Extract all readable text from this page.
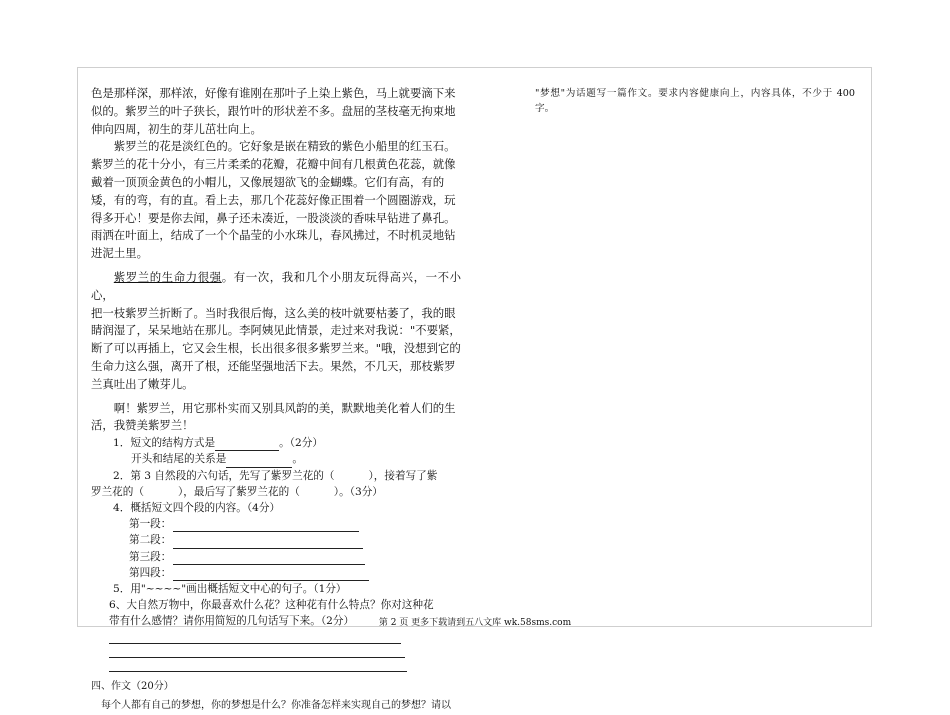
色是那样深，那样浓，好像有谁刚在那叶子上染上紫色，马上就要滴下来

似的。紫罗兰的叶子狭长，跟竹叶的形状差不多。盘屈的茎枝毫无拘束地

伸向四周，初生的芽儿茁壮向上。

紫罗兰的花是淡红色的。它好象是嵌在精致的紫色小船里的红玉石。

紫罗兰的花十分小，有三片柔柔的花瓣，花瓣中间有几根黄色花蕊，就像

戴着一顶顶金黄色的小帽儿，又像展翅欲飞的金蝴蝶。它们有高，有的

矮，有的弯，有的直。看上去，那几个花蕊好像正围着一个圆圈游戏，玩

得多开心！要是你去闻，鼻子还未凑近，一股淡淡的香味早钻进了鼻孔。

雨洒在叶面上，结成了一个个晶莹的小水珠儿，春风拂过，不时机灵地钻

进泥土里。

紫罗兰的生命力很强。有一次，我和几个小朋友玩得高兴，一不小心，

把一枝紫罗兰折断了。当时我很后悔，这么美的枝叶就要枯萎了，我的眼

睛润湿了，呆呆地站在那儿。李阿姨见此情景，走过来对我说："不要紧，

断了可以再插上，它又会生根，长出很多很多紫罗兰来。"哦，没想到它的

生命力这么强，离开了根，还能坚强地活下去。果然，不几天，那枝紫罗

兰真吐出了嫩芽儿。

啊！紫罗兰，用它那朴实而又别具风韵的美，默默地美化着人们的生

活，我赞美紫罗兰！

1．短文的结构方式是	。（2分）

开头和结尾的关系是	。

2．第 3 自然段的六句话，先写了紫罗兰花的（	），接着写了紫

罗兰花的（	），最后写了紫罗兰花的（	）。（3分）

4．概括短文四个段的内容。（4分）

第一段：
第二段：
第三段：
第四段：

5．用"~~~~"画出概括短文中心的句子。（1分）

6、大自然万物中，你最喜欢什么花？这种花有什么特点？你对这种花

带有什么感情？请你用简短的几句话写下来。（2分）

四、作文（20分）
每个人都有自己的梦想，你的梦想是什么？你准备怎样来实现自己的梦想？请以

"梦想"为话题写一篇作文。要求内容健康向上，内容具体，不少于 400 字。

第 2 页 更多下载请到五八文库 wk.58sms.com
